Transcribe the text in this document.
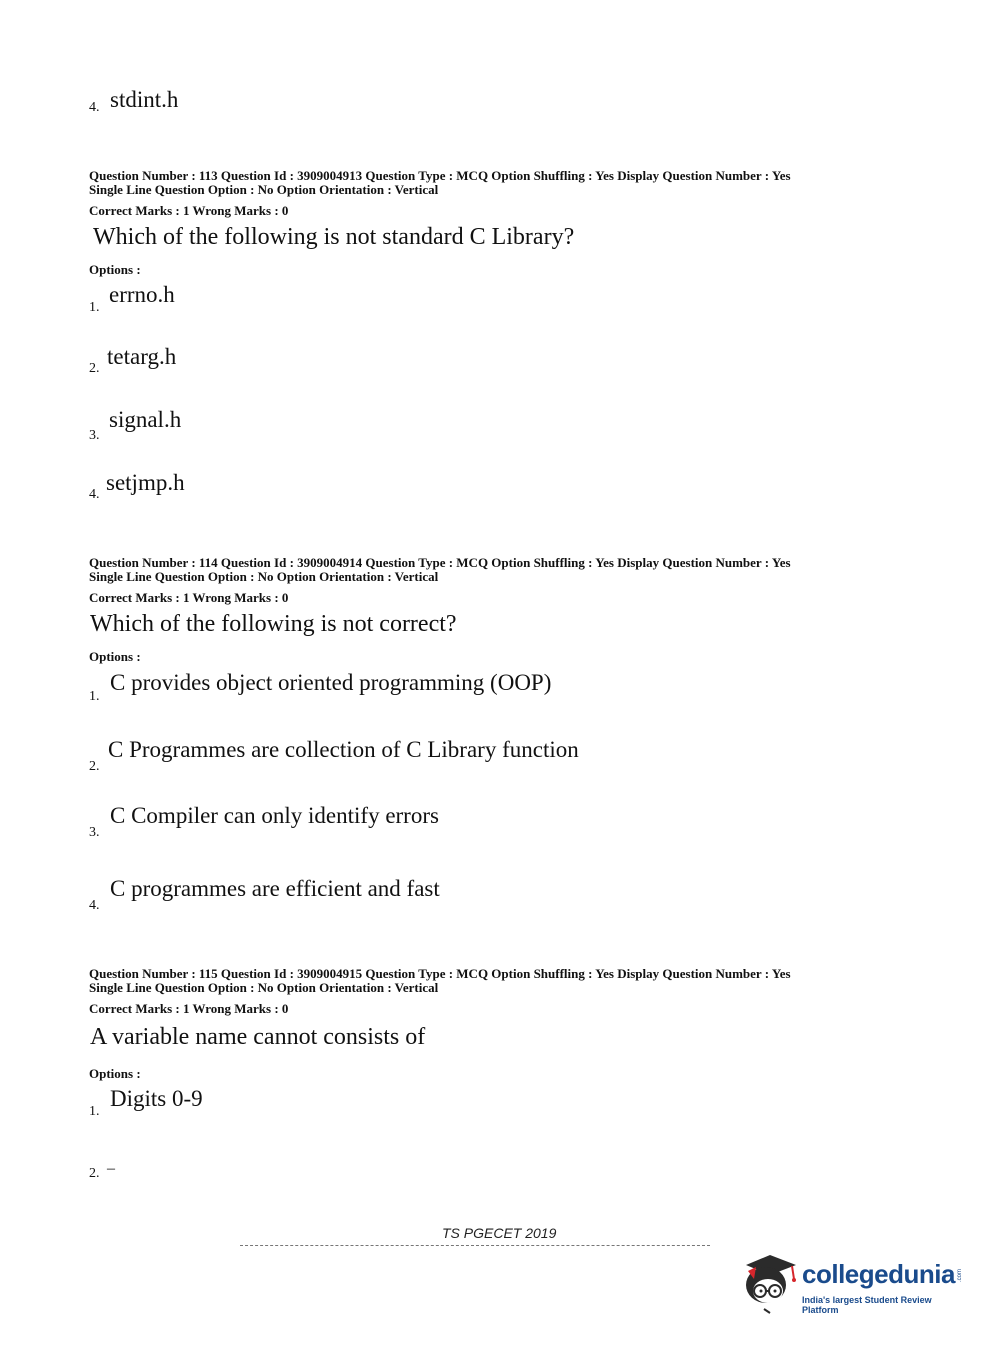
4. stdint.h
Question Number : 113 Question Id : 3909004913 Question Type : MCQ Option Shuffling : Yes Display Question Number : Yes
Single Line Question Option : No Option Orientation : Vertical
Correct Marks : 1 Wrong Marks : 0
Which of the following is not standard C Library?
Options :
1.
errno.h
2. tetarg.h
3.
signal.h
4. setjmp.h
Question Number : 114 Question Id : 3909004914 Question Type : MCQ Option Shuffling : Yes Display Question Number : Yes
Single Line Question Option : No Option Orientation : Vertical
Correct Marks : 1 Wrong Marks : 0
Which of the following is not correct?
Options :
1.
C provides object oriented programming (OOP)
2.
C Programmes are collection of C Library function
3.
C Compiler can only identify errors
4.
C programmes are efficient and fast
Question Number : 115 Question Id : 3909004915 Question Type : MCQ Option Shuffling : Yes Display Question Number : Yes
Single Line Question Option : No Option Orientation : Vertical
Correct Marks : 1 Wrong Marks : 0
A variable name cannot consists of
Options :
1.
Digits 0-9
2. –
TS PGECET 2019
collegedunia .com
India's largest Student Review Platform
